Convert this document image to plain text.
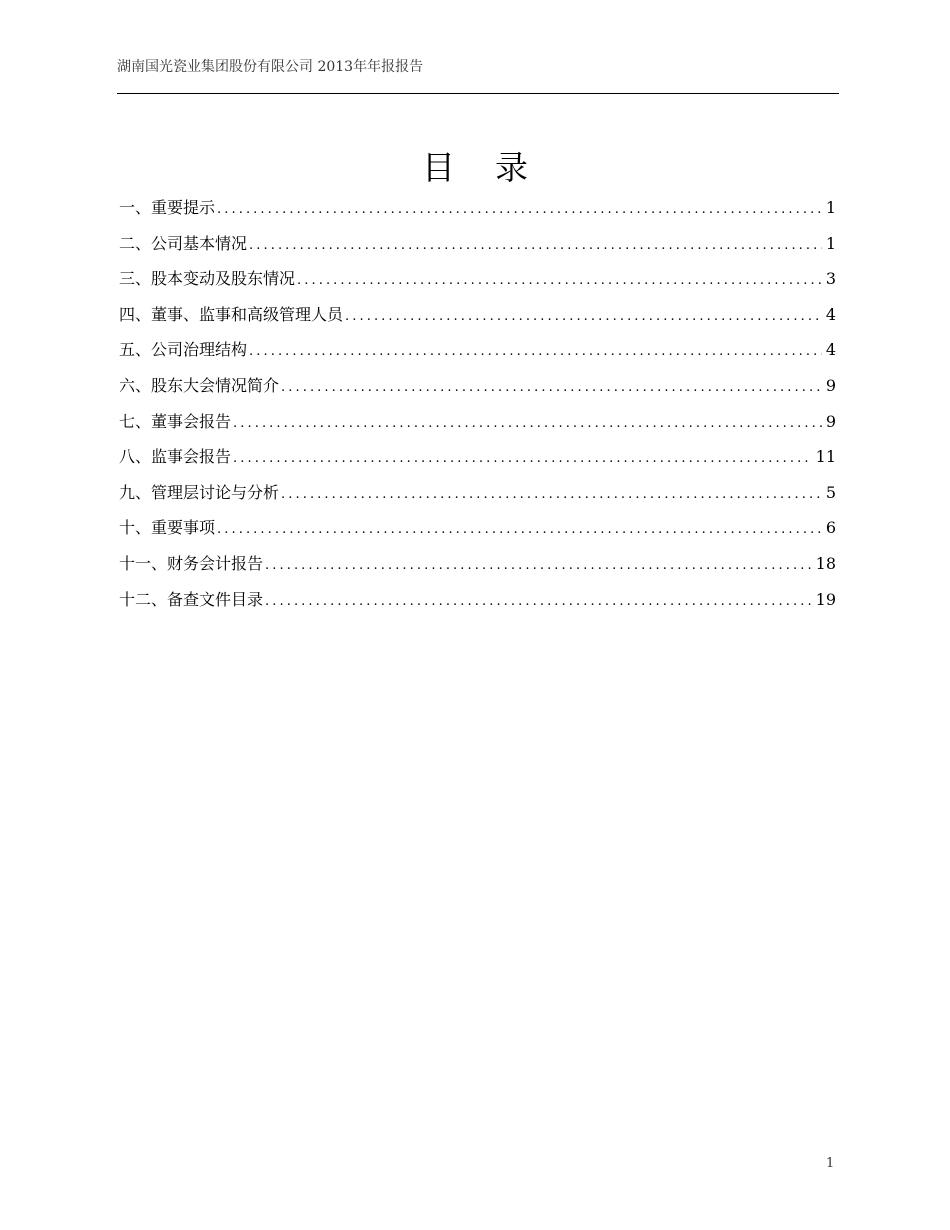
湖南国光瓷业集团股份有限公司 2013年年报报告
目录
一、重要提示 .....	1
二、公司基本情况 .....	1
三、股本变动及股东情况 .....	3
四、董事、监事和高级管理人员 .....	4
五、公司治理结构 .....	4
六、股东大会情况简介 .....	9
七、董事会报告 .....	9
八、监事会报告 .....	11
九、管理层讨论与分析 .....	5
十、重要事项 .....	6
十一、财务会计报告 .....	18
十二、备查文件目录 .....	19
1
